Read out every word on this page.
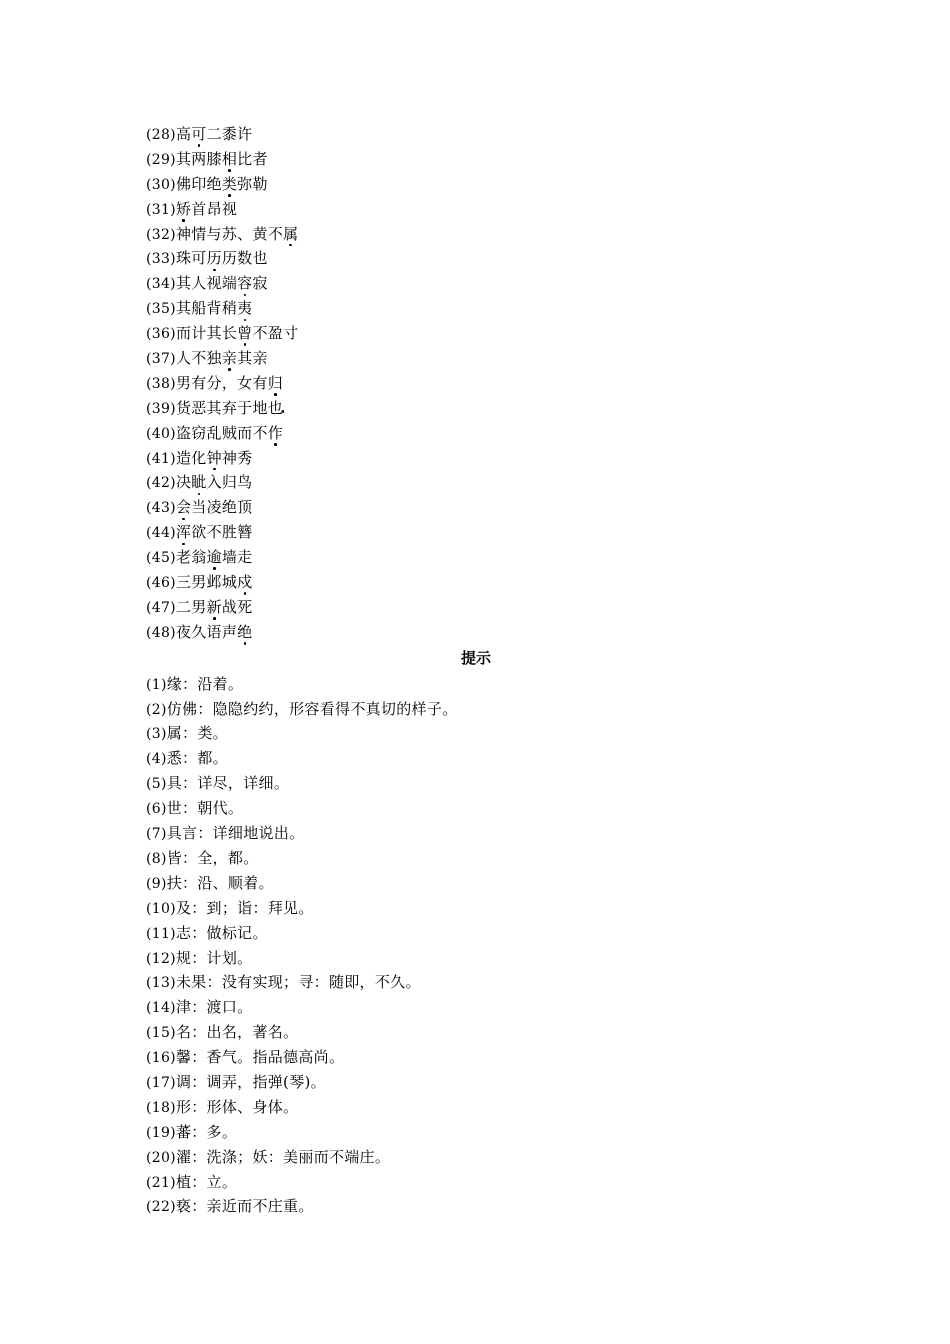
(28)高可二黍许
(29)其两膝相比者
(30)佛印绝类弥勒
(31)矫首昂视
(32)神情与苏、黄不属
(33)珠可历历数也
(34)其人视端容寂
(35)其船背稍夷
(36)而计其长曾不盈寸
(37)人不独亲其亲
(38)男有分，女有归
(39)货恶其弃于地也
(40)盗窃乱贼而不作
(41)造化钟神秀
(42)决眦入归鸟
(43)会当凌绝顶
(44)浑欲不胜簪
(45)老翁逾墙走
(46)三男邺城戍
(47)二男新战死
(48)夜久语声绝
提示
(1)缘：沿着。
(2)仿佛：隐隐约约，形容看得不真切的样子。
(3)属：类。
(4)悉：都。
(5)具：详尽，详细。
(6)世：朝代。
(7)具言：详细地说出。
(8)皆：全，都。
(9)扶：沿、顺着。
(10)及：到；诣：拜见。
(11)志：做标记。
(12)规：计划。
(13)未果：没有实现；寻：随即，不久。
(14)津：渡口。
(15)名：出名，著名。
(16)馨：香气。指品德高尚。
(17)调：调弄，指弹(琴)。
(18)形：形体、身体。
(19)蕃：多。
(20)濯：洗涤；妖：美丽而不端庄。
(21)植：立。
(22)亵：亲近而不庄重。
